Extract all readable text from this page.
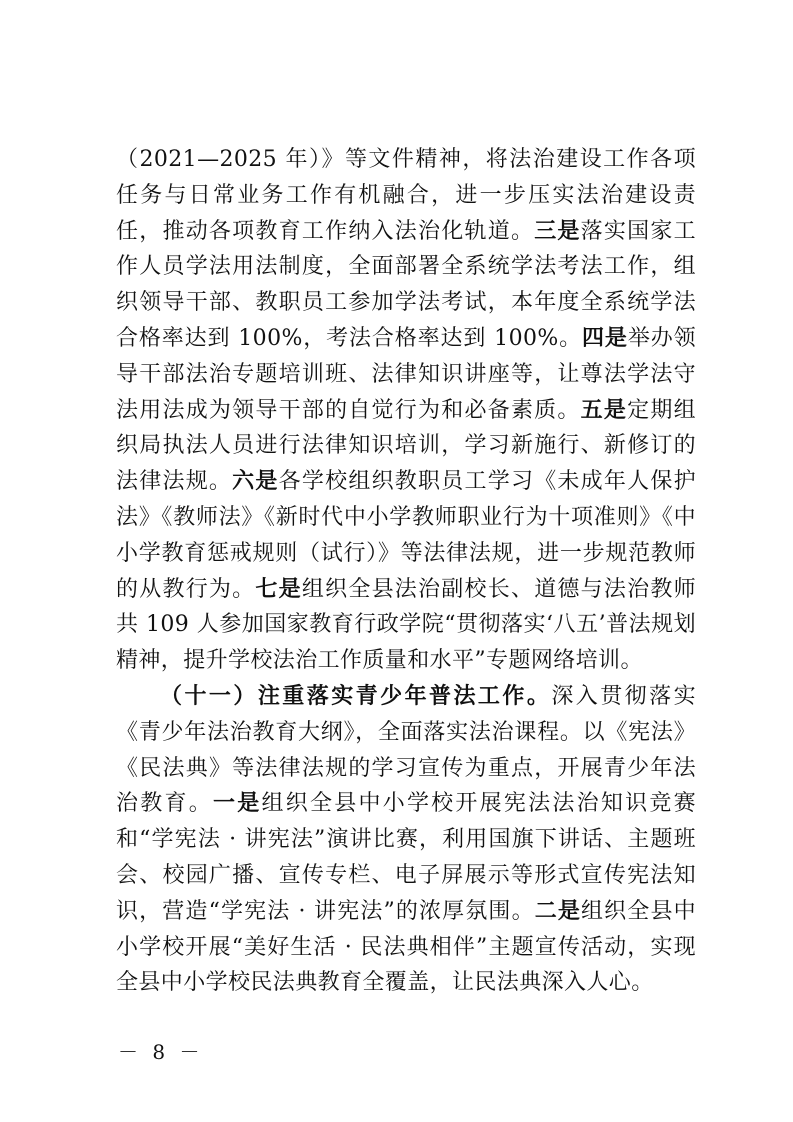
（2021—2025 年）》等文件精神，将法治建设工作各项任务与日常业务工作有机融合，进一步压实法治建设责任，推动各项教育工作纳入法治化轨道。三是落实国家工作人员学法用法制度，全面部署全系统学法考法工作，组织领导干部、教职员工参加学法考试，本年度全系统学法合格率达到 100%，考法合格率达到 100%。四是举办领导干部法治专题培训班、法律知识讲座等，让尊法学法守法用法成为领导干部的自觉行为和必备素质。五是定期组织局执法人员进行法律知识培训，学习新施行、新修订的法律法规。六是各学校组织教职员工学习《未成年人保护法》《教师法》《新时代中小学教师职业行为十项准则》《中小学教育惩戒规则（试行）》等法律法规，进一步规范教师的从教行为。七是组织全县法治副校长、道德与法治教师共 109 人参加国家教育行政学院“贯彻落实‘八五’普法规划精神，提升学校法治工作质量和水平”专题网络培训。

（十一）注重落实青少年普法工作。深入贯彻落实《青少年法治教育大纲》，全面落实法治课程。以《宪法》《民法典》等法律法规的学习宣传为重点，开展青少年法治教育。一是组织全县中小学校开展宪法法治知识竞赛和“学宪法 · 讲宪法”演讲比赛，利用国旗下讲话、主题班会、校园广播、宣传专栏、电子屏展示等形式宣传宪法知识，营造“学宪法 · 讲宪法”的浓厚氛围。二是组织全县中小学校开展“美好生活 · 民法典相伴”主题宣传活动，实现全县中小学校民法典教育全覆盖，让民法典深入人心。

－ 8 －
